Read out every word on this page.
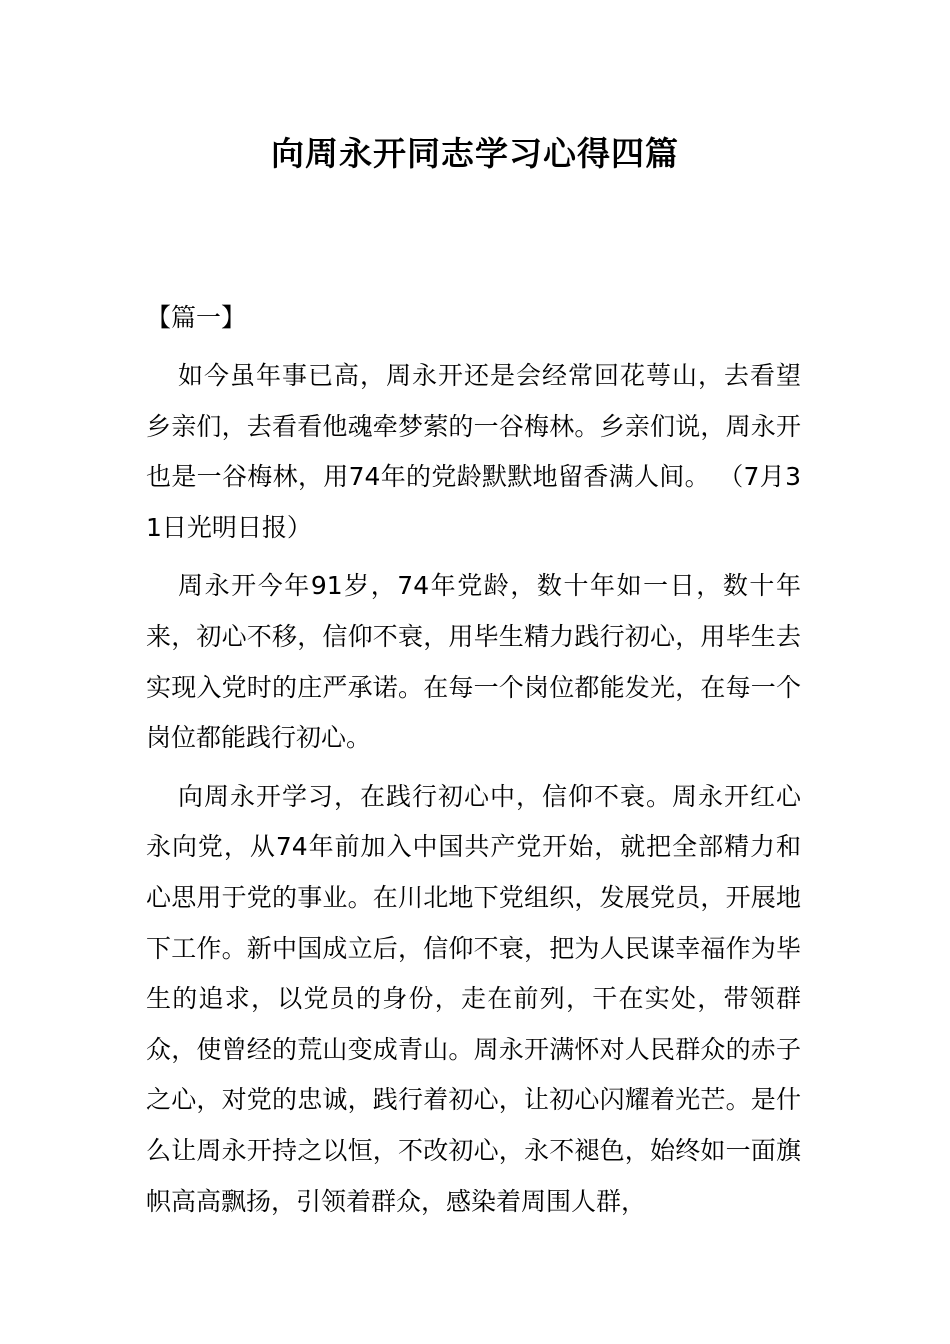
向周永开同志学习心得四篇
【篇一】

如今虽年事已高，周永开还是会经常回花萼山，去看望乡亲们，去看看他魂牵梦萦的一谷梅林。乡亲们说，周永开也是一谷梅林，用74年的党龄默默地留香满人间。 （7月31日光明日报）

周永开今年91岁，74年党龄，数十年如一日，数十年来，初心不移，信仰不衰，用毕生精力践行初心，用毕生去实现入党时的庄严承诺。在每一个岗位都能发光，在每一个岗位都能践行初心。

向周永开学习，在践行初心中，信仰不衰。周永开红心永向党，从74年前加入中国共产党开始，就把全部精力和心思用于党的事业。在川北地下党组织，发展党员，开展地下工作。新中国成立后，信仰不衰，把为人民谋幸福作为毕生的追求，以党员的身份，走在前列，干在实处，带领群众，使曾经的荒山变成青山。周永开满怀对人民群众的赤子之心，对党的忠诚，践行着初心，让初心闪耀着光芒。是什么让周永开持之以恒，不改初心，永不褪色，始终如一面旗帜高高飘扬，引领着群众，感染着周围人群，
